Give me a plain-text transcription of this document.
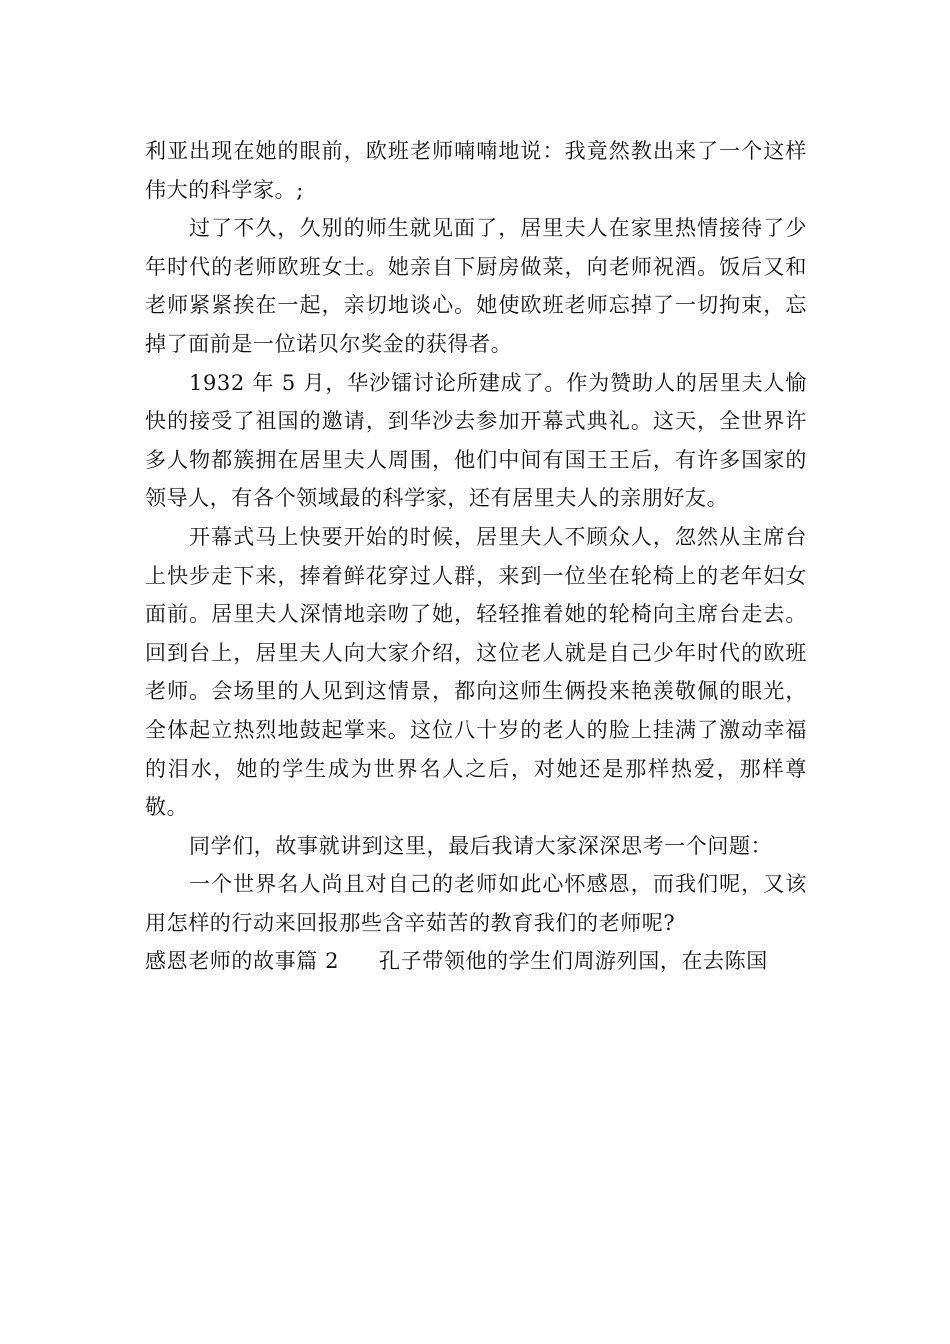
利亚出现在她的眼前，欧班老师喃喃地说：我竟然教出来了一个这样伟大的科学家。;

过了不久，久别的师生就见面了，居里夫人在家里热情接待了少年时代的老师欧班女士。她亲自下厨房做菜，向老师祝酒。饭后又和老师紧紧挨在一起，亲切地谈心。她使欧班老师忘掉了一切拘束，忘掉了面前是一位诺贝尔奖金的获得者。

1932 年 5 月，华沙镭讨论所建成了。作为赞助人的居里夫人愉快的接受了祖国的邀请，到华沙去参加开幕式典礼。这天，全世界许多人物都簇拥在居里夫人周围，他们中间有国王王后，有许多国家的领导人，有各个领域最的科学家，还有居里夫人的亲朋好友。

开幕式马上快要开始的时候，居里夫人不顾众人，忽然从主席台上快步走下来，捧着鲜花穿过人群，来到一位坐在轮椅上的老年妇女面前。居里夫人深情地亲吻了她，轻轻推着她的轮椅向主席台走去。回到台上，居里夫人向大家介绍，这位老人就是自己少年时代的欧班老师。会场里的人见到这情景，都向这师生俩投来艳羡敬佩的眼光，全体起立热烈地鼓起掌来。这位八十岁的老人的脸上挂满了激动幸福的泪水，她的学生成为世界名人之后，对她还是那样热爱，那样尊敬。

同学们，故事就讲到这里，最后我请大家深深思考一个问题：

一个世界名人尚且对自己的老师如此心怀感恩，而我们呢，又该用怎样的行动来回报那些含辛茹苦的教育我们的老师呢?

感恩老师的故事篇 2 孔子带领他的学生们周游列国，在去陈国
